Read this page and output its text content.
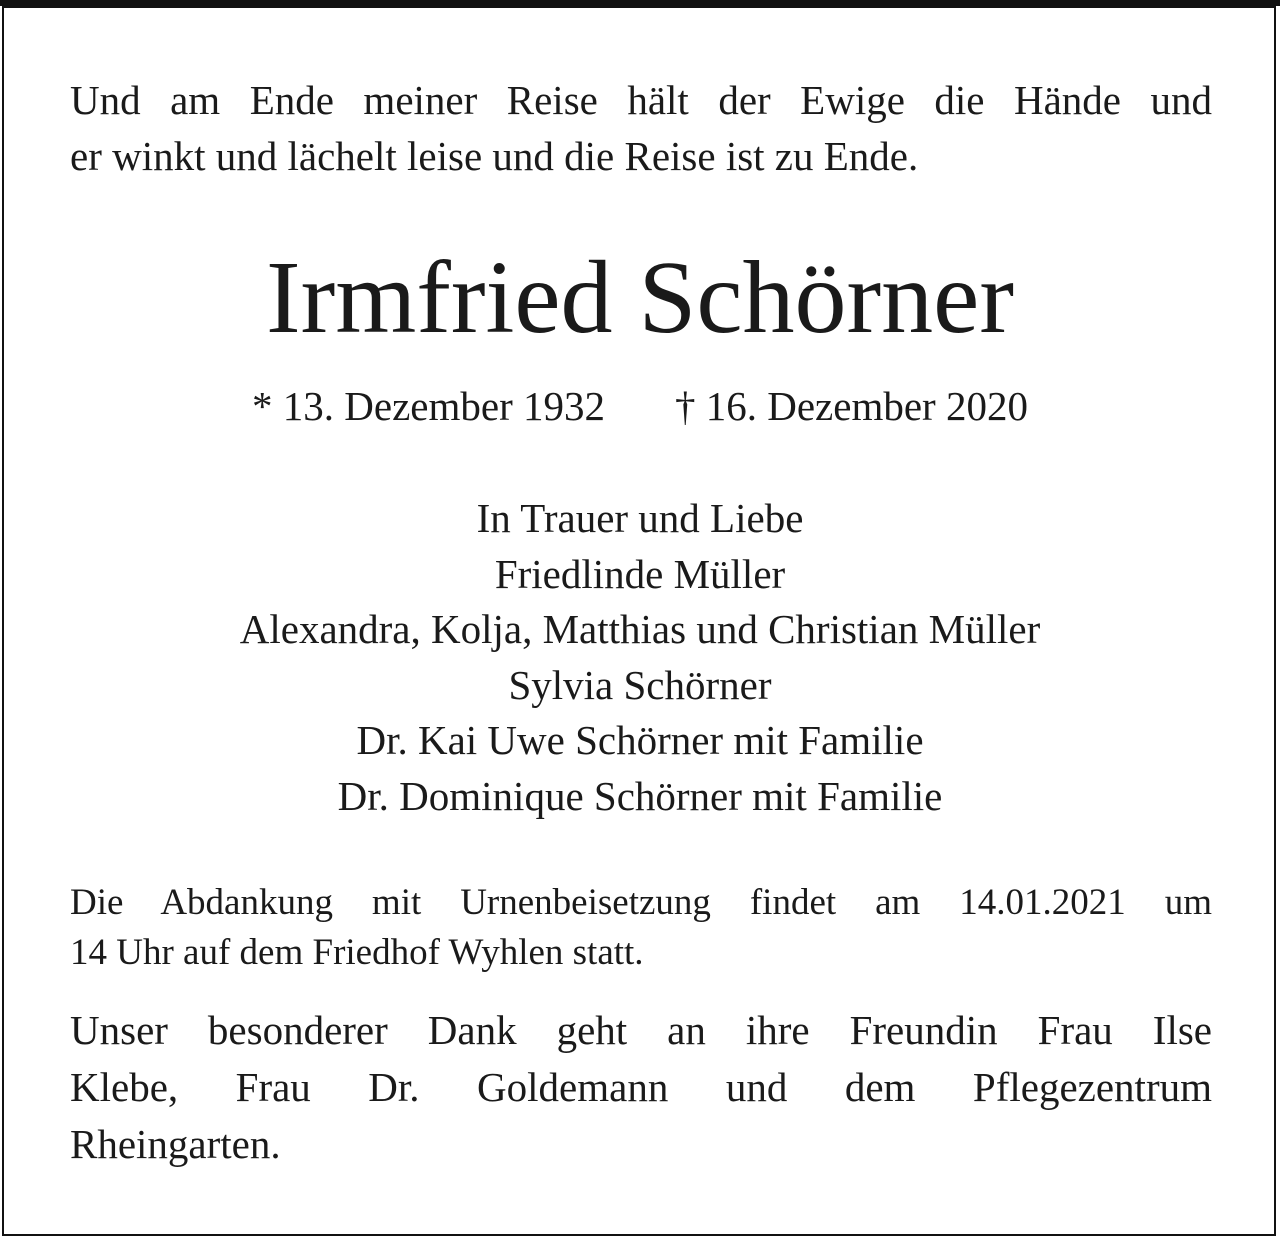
Und am Ende meiner Reise hält der Ewige die Hände und
er winkt und lächelt leise und die Reise ist zu Ende.
Irmfried Schörner
* 13. Dezember 1932 † 16. Dezember 2020
In Trauer und Liebe
Friedlinde Müller
Alexandra, Kolja, Matthias und Christian Müller
Sylvia Schörner
Dr. Kai Uwe Schörner mit Familie
Dr. Dominique Schörner mit Familie
Die Abdankung mit Urnenbeisetzung findet am 14.01.2021 um
14 Uhr auf dem Friedhof Wyhlen statt.
Unser besonderer Dank geht an ihre Freundin Frau Ilse
Klebe, Frau Dr. Goldemann und dem Pflegezentrum
Rheingarten.
